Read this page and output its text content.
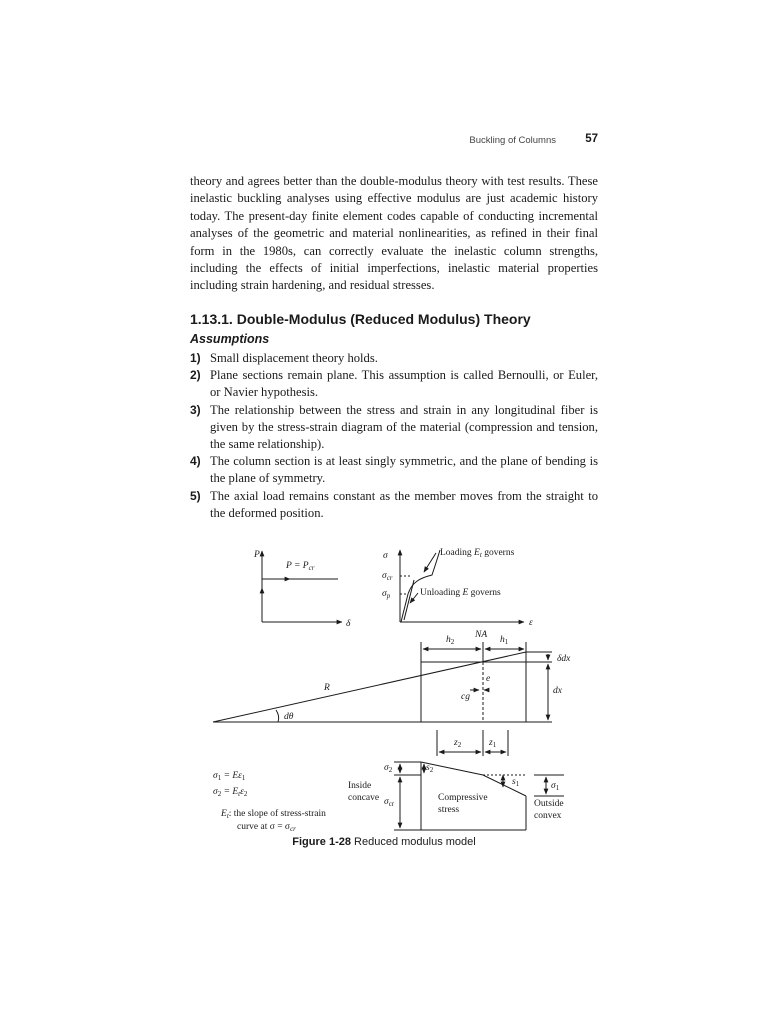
Buckling of Columns	57

theory and agrees better than the double-modulus theory with test results. These inelastic buckling analyses using effective modulus are just academic history today. The present-day finite element codes capable of conducting incremental analyses of the geometric and material nonlinearities, as refined in their final form in the 1980s, can correctly evaluate the inelastic column strengths, including the effects of initial imperfections, inelastic material properties including strain hardening, and residual stresses.

1.13.1. Double-Modulus (Reduced Modulus) Theory
Assumptions
1) Small displacement theory holds.
2) Plane sections remain plane. This assumption is called Bernoulli, or Euler, or Navier hypothesis.
3) The relationship between the stress and strain in any longitudinal fiber is given by the stress-strain diagram of the material (compression and tension, the same relationship).
4) The column section is at least singly symmetric, and the plane of bending is the plane of symmetry.
5) The axial load remains constant as the member moves from the straight to the deformed position.
P
$P = P_{cr}$
δ
σ
$\sigma_{cr}$
$\sigma_p$
Loading $E_t$ governs
Unloading E governs
ε
NA
$h_2$	$h_1$
δdx
dx
R
dθ
e
cg
$z_2$	$z_1$
$\sigma_2$	$s_2$
$s_1$	$\sigma_1$
$\sigma_{cr}$
Inside
concave	Compressive
stress
Outside
convex
$\sigma_1 = E\varepsilon_1$
$\sigma_2 = E_t\varepsilon_2$
$E_t$: the slope of stress-strain
curve at $\sigma = \sigma_{cr}$
Figure 1-28 Reduced modulus model
